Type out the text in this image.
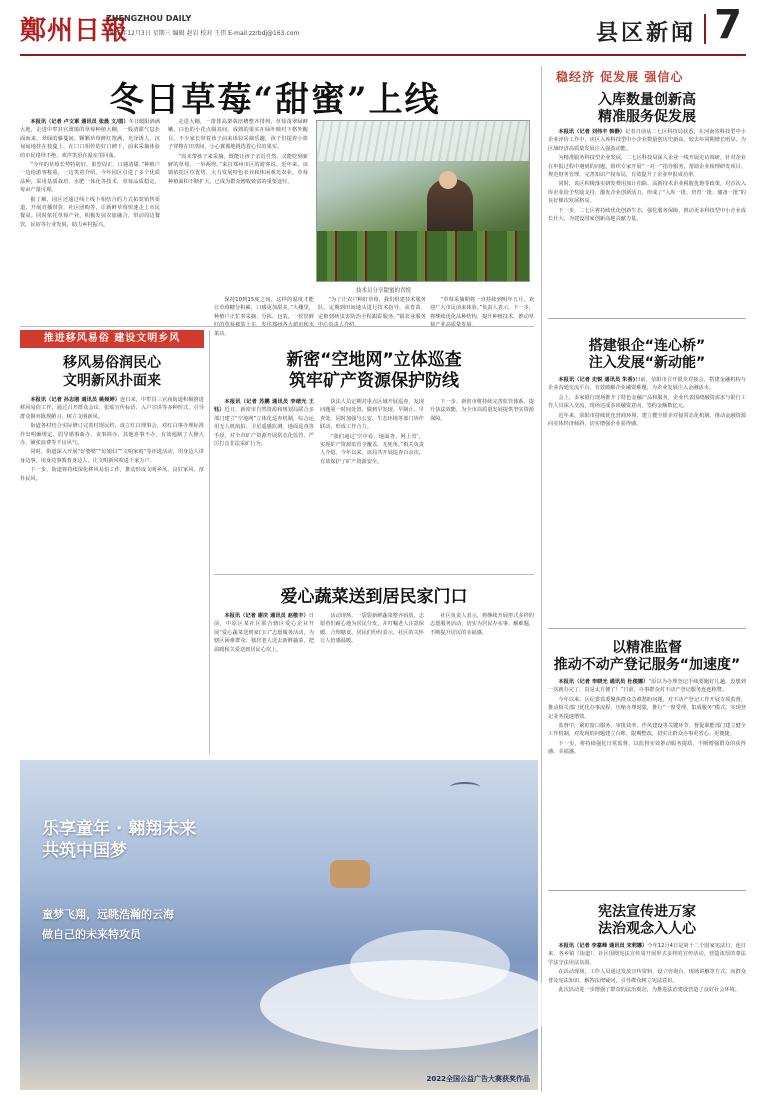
鄭州日報
ZHENGZHOU DAILY
2025年12月3日 星期三 编辑 赵岩 校对 王伟 E-mail:zzrbdj@163.com	县区新闻 7
冬日草莓“甜蜜”上线

本报讯（记者 卢文軍 通讯员 张晨 文/图）冬日暖阳洒满大地，走进中牟县官渡镇的草莓种植大棚，一股清甜气息扑面而来，翠绿的藤蔓间，颗颗草莓鲜红饱满，光泽诱人，沉甸甸地挂在枝蔓上，在口口相传的好口碑下，前来采摘体验的市民络绎不绝，欢声笑语在温室里回荡。

“今年的草莓长势特别好，果型周正、口感清甜。”种植户一边给游客称重，一边笑着介绍。今年园区引进了多个优质品种，采用基质栽培、水肥一体化等技术，草莓品质稳定，每亩产量可观。

据了解，园区还通过线上线下相结合的方式拓宽销售渠道，开展直播带货、社区团购等，让新鲜草莓快速走上市民餐桌。同时依托草莓产业，积极发展农旅融合，带动周边餐饮、民宿等行业发展，助力乡村振兴。

走进大棚，一排排高架栽培槽整齐排列，草莓苗翠绿鲜嫩，白色的小花点缀其间，成熟的果实在绿叶映衬下格外醒目。不少家长带着孩子前来体验采摘乐趣，孩子们提着小篮子穿梭在田垄间，小心翼翼地挑选着心仪的果实。

“周末带孩子来采摘，既能让孩子亲近自然，又能吃到新鲜的草莓，一举两得。”来自郑州市区的游客说。近年来，该镇依托区位优势，大力发展特色农业和休闲观光农业，草莓种植面积不断扩大，已成为群众增收致富的重要途径。

技术员分享甜蜜的喜悦

保持10到15度之间，这样的温度才能让草莓糖分积累，口感更加甜美。”大棚里，种植户正忙着采摘、分拣、包装，一筐筐鲜 果店。

“为了让农户种好草莓，我们组建技术服务队，定期到田间地头进行技术指导，从育苗、定植到病虫害防治全程跟踪服务。”镇农业服务

“草莓采摘期将一直持续到明年五月，欢迎广大市民前来体验。”负责人表示，下一步，将继续优化品种结构，提升种植技术，推动草

稳经济 促发展 强信心
入库数量创新高
精准服务促发展

本报讯（记者 刘伟丰 韩静）记者日前从二七区科技局获悉，在河南省科技型中小企业评价工作中，该区入库科技型中小企业数量创历史新高，较去年同期增长明显，为区域经济高质量发展注入强劲动能。

为精准服务科技型企业发展，二七区科技局深入企业一线开展走访调研，针对企业在申报过程中遇到的问题，组织专家开展“一对一”指导服务，帮助企业梳理研发项目、规范财务管理、完善知识产权布局，有效提升了企业申报成功率。

同时，该区积极落实研发费用加计扣除、高新技术企业税收优惠等政策，对首次入库企业给予奖励支持，激发企业创新活力，形成了“入库一批、培育一批、储备一批”的良好梯次发展格局。

下一步，二七区将持续优化创新生态，强化服务保障，推动更多科技型中小企业成长壮大，为建设国家创新高地贡献力量。

搭建银企“连心桥”
注入发展“新动能”

本报讯（记者 史锐 通讯员 朱香)日前，荥阳市召开银企对接会，搭建金融机构与企业沟通交流平台，有效破解企业融资难题，为企业发展注入金融活水。

会上，多家银行现场推介了特色金融产品和服务，企业代表围绕融资需求与银行工作人员深入交流，现场达成多项融资意向，签约金额数亿元。

近年来，荥阳市持续优化营商环境，建立健全银企对接常态化机制，推动金融资源向实体经济倾斜，切实增强企业获得感。

以精准监督
推动不动产登记服务“加速度”

本报讯（记者 李晓光 通讯员 杜俊娜）“原以为办理登记手续要跑好几趟，没想到一次就办完了，真是太方便了！”日前，办事群众对不动产登记服务连连称赞。

今年以来，区纪委监委聚焦群众急难愁盼问题，对不动产登记工作开展专项监督，推动相关部门优化办事流程、压缩办理时限，推行“一窗受理、集成服务”模式，实现登记业务提速增效。

监督中，紧盯窗口服务、审批效率、作风建设等关键环节，督促职能部门建立健全工作机制，对发现的问题建立台账、限期整改，切实让群众办事更省心、更便捷。

下一步，将持续强化日常监督，以监督实效推动服务提质，不断增强群众的获得感、幸福感。

宪法宣传进万家
法治观念入人心

本报讯（记者 李嘉峰 通讯员 宋莉娜）今年12月4日是第十二个国家宪法日，连日来，各乡镇（街道）、社区围绕宪法宣传周开展形式多样的宣传活动，营造浓厚的尊法学法守法用法氛围。

在活动现场，工作人员通过发放宣传资料、设立咨询台、现场讲解等方式，向群众普及宪法知识，解答法律疑问，引导群众树立宪法意识。

此次活动进一步增强了群众的法治观念，为推进法治建设营造了良好社会环境。

推进移风易俗 建设文明乡风
移风易俗润民心
文明新风扑面来

本报讯（记者 孙志刚 通讯员 姚娅婷）连日来，中牟县三官庙街道积极推进移风易俗工作，通过召开群众会议、张贴宣传标语、入户宣讲等多种形式，引导群众摒弃陈规陋习，树立文明新风。

街道各村结合实际修订完善村规民约，成立红白理事会，对红白事办理标准作出明确规定，倡导婚事新办、丧事简办、其他喜事不办，有效遏制了大操大办、铺张浪费等不良风气。

同时，街道深入开展“好婆婆”“好媳妇”“文明家庭”等评选活动，用身边人讲身边事，用身边事教育身边人，让文明新风吹进千家万户。

下一步，街道将持续深化移风易俗工作，推动形成文明乡风、良好家风、淳朴民风。

新密“空地网”立体巡查
筑牢矿产资源保护防线

本报讯（记者 苏鹏 通讯员 李绪光 王钰）近日，新密市自然资源和规划局联合多部门建立“空地网”立体化巡查机制，综合运用无人机航拍、卫星遥感监测、地面巡查等手段，对全市矿产资源开展常态化监管，严厉打击非法采矿行为。

执法人员定期对重点区域开展巡查，发现问题第一时间处置，做到早发现、早制止、早查处。同时加强与公安、生态环境等部门协作联动，形成工作合力。

“我们通过‘空中看、地面查、网上管’，实现矿产资源监管全覆盖、无死角。”相关负责人介绍。今年以来，该局共开展巡查百余次，有效保护了矿产资源安全。

下一步，新密市将持续完善监管体系，提升执法效能，为全市高质量发展提供坚实资源保障。

爱心蔬菜送到居民家门口

本报讯（记者 谢庆 通讯员 赵敬丰）日前，中原区某社区联合辖区爱心企业开展“爱心蔬菜送到家门口”志愿服务活动，为辖区困难群众、独居老人送去新鲜蔬菜，把温暖和关爱送到居民心坎上。

活动现场，一袋袋新鲜蔬菜整齐码放，志愿者们耐心地为居民分发，并叮嘱老人注意保暖、合理膳食。居民们纷纷表示，社区的关怀让人倍感温暖。

社区负责人表示，将继续开展形式多样的志愿服务活动，切实为居民办实事、解难题，不断提升居民的幸福感。

乐享童年 · 翱翔未来
共筑中国梦
童梦飞翔，远眺浩瀚的云海
做自己的未来特攻员
2022全国公益广告大赛获奖作品
